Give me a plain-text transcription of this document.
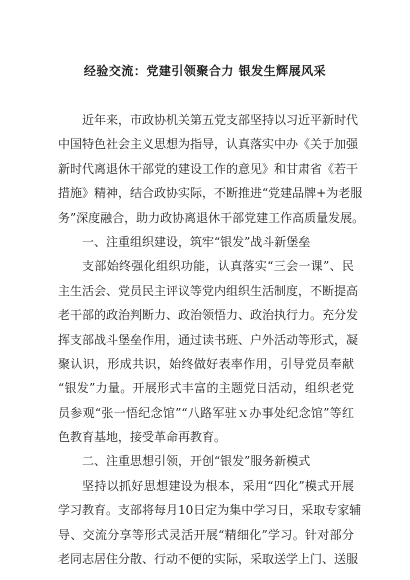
经验交流：党建引领聚合力 银发生辉展风采
近年来，市政协机关第五党支部坚持以习近平新时代
中国特色社会主义思想为指导，认真落实中办《关于加强
新时代离退休干部党的建设工作的意见》和甘肃省《若干
措施》精神，结合政协实际，不断推进“党建品牌+为老服
务”深度融合，助力政协离退休干部党建工作高质量发展。
一、注重组织建设，筑牢“银发”战斗新堡垒
支部始终强化组织功能，认真落实“三会一课”、民
主生活会、党员民主评议等党内组织生活制度，不断提高
老干部的政治判断力、政治领悟力、政治执行力。充分发
挥支部战斗堡垒作用，通过读书班、户外活动等形式，凝
聚认识，形成共识，始终做好表率作用，引导党员奉献
“银发”力量。开展形式丰富的主题党日活动，组织老党
员参观“张一悟纪念馆”“八路军驻ｘ办事处纪念馆”等红
色教育基地，接受革命再教育。
二、注重思想引领，开创“银发”服务新模式
坚持以抓好思想建设为根本，采用“四化”模式开展
学习教育。支部将每月10日定为集中学习日，采取专家辅
导、交流分享等形式灵活开展“精细化”学习。针对部分
老同志居住分散、行动不便的实际，采取送学上门、送服
